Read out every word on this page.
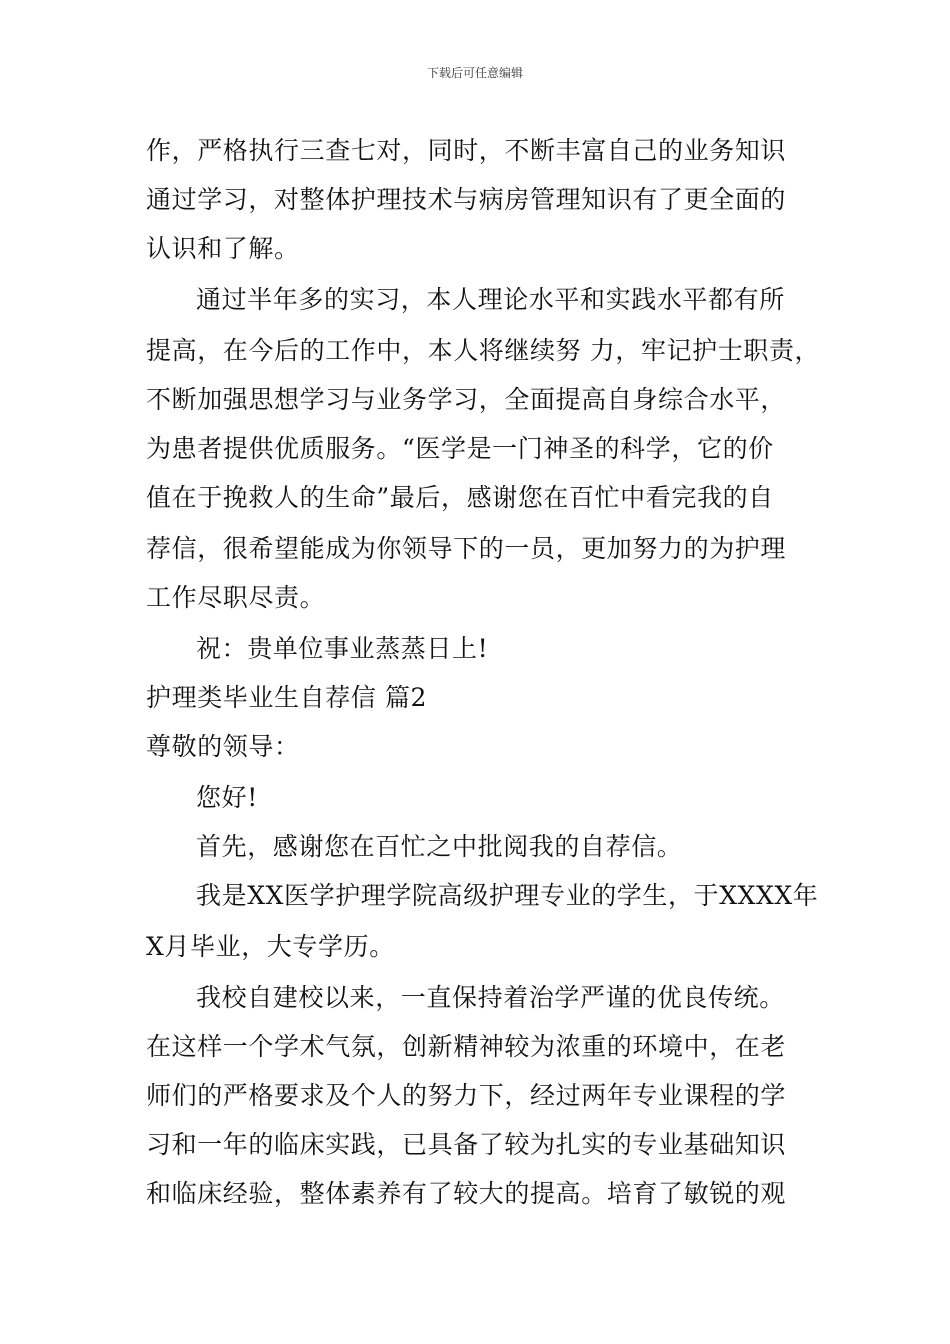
下载后可任意编辑
作，严格执行三查七对，同时，不断丰富自己的业务知识
通过学习，对整体护理技术与病房管理知识有了更全面的
认识和了解。
通过半年多的实习，本人理论水平和实践水平都有所
提高，在今后的工作中，本人将继续努 力，牢记护士职责，
不断加强思想学习与业务学习，全面提高自身综合水平，
为患者提供优质服务。“医学是一门神圣的科学，它的价
值在于挽救人的生命”最后，感谢您在百忙中看完我的自
荐信，很希望能成为你领导下的一员，更加努力的为护理
工作尽职尽责。
祝：贵单位事业蒸蒸日上!
护理类毕业生自荐信 篇2
尊敬的领导：
您好!
首先，感谢您在百忙之中批阅我的自荐信。
我是XX医学护理学院高级护理专业的学生，于XXXX年
X月毕业，大专学历。
我校自建校以来，一直保持着治学严谨的优良传统。
在这样一个学术气氛，创新精神较为浓重的环境中，在老
师们的严格要求及个人的努力下，经过两年专业课程的学
习和一年的临床实践，已具备了较为扎实的专业基础知识
和临床经验，整体素养有了较大的提高。培育了敏锐的观
